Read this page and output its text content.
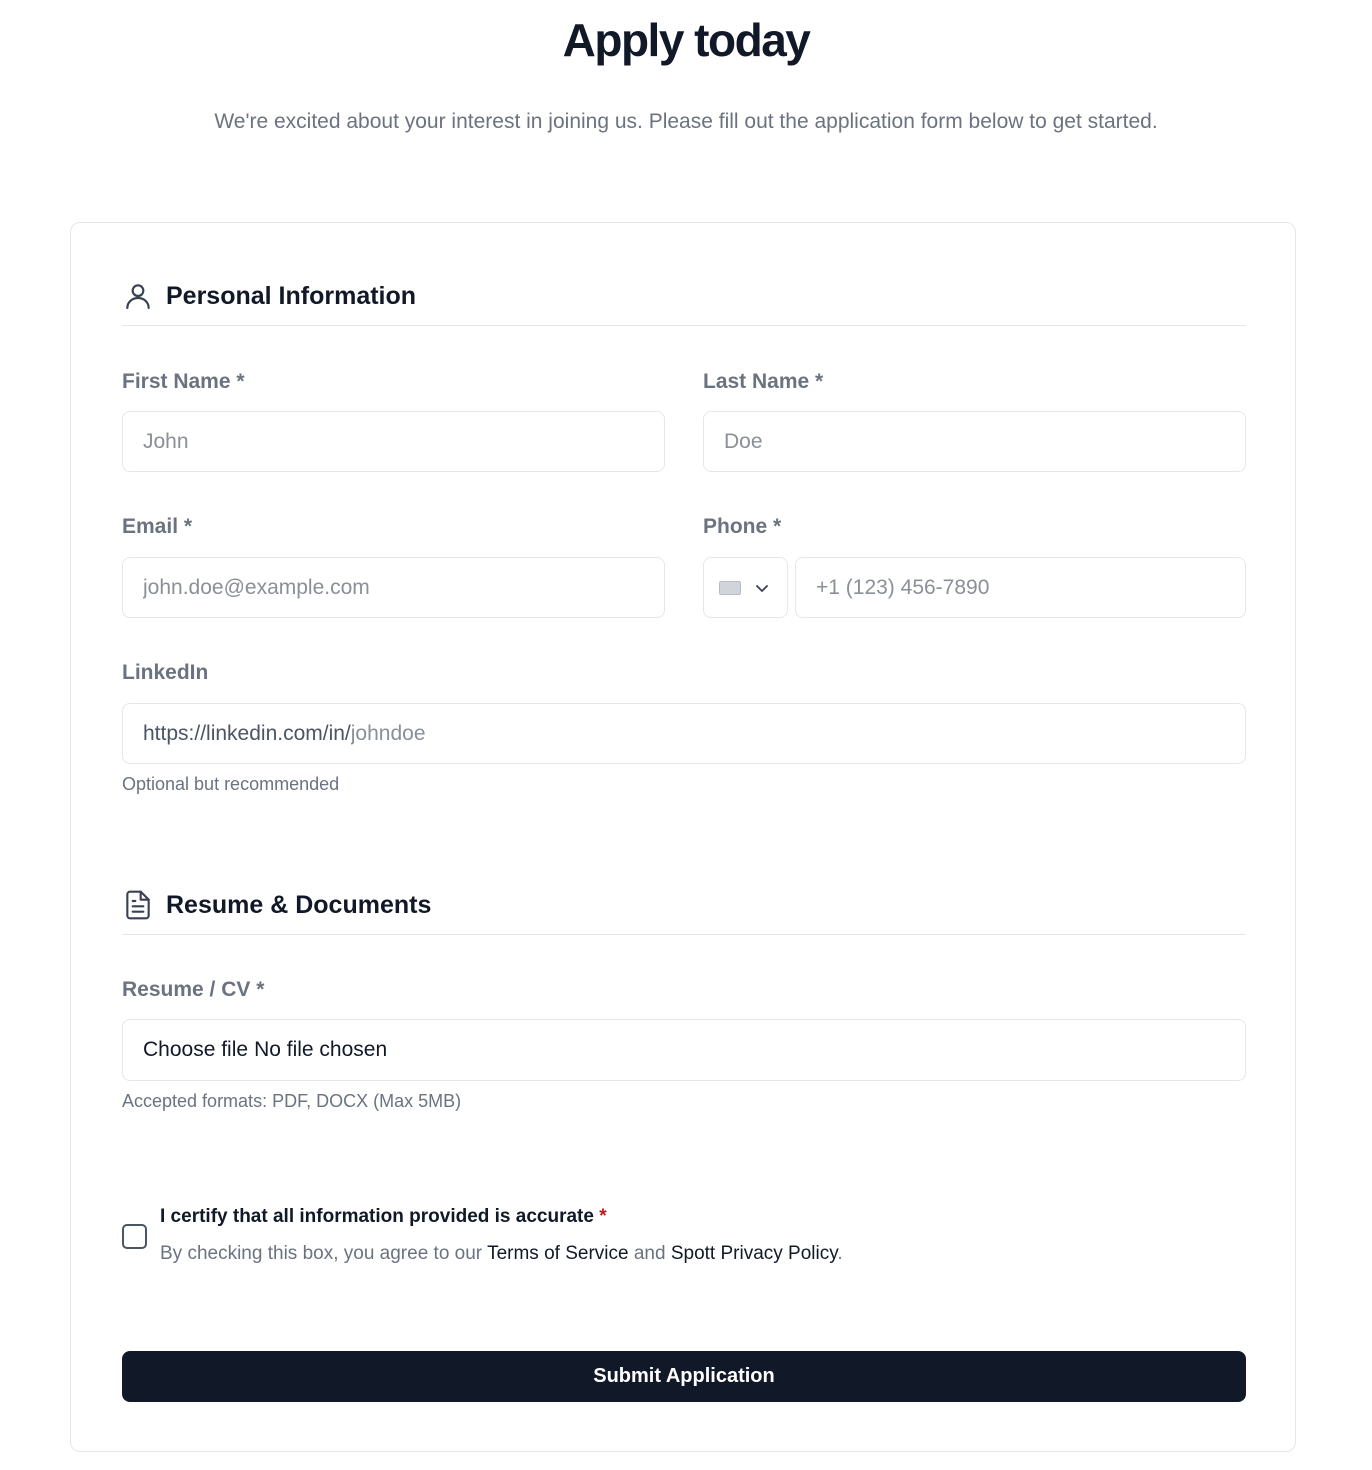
Apply today

We're excited about your interest in joining us. Please fill out the application form below to get started.

Personal Information
First Name *
John	Last Name *
Doe
Email *
john.doe@example.com	Phone *
+1 (123) 456-7890
LinkedIn
https://linkedin.com/in/
johndoe
Optional but recommended
Resume & Documents
Resume / CV *
Choose file No file chosen
Accepted formats: PDF, DOCX (Max 5MB)
I certify that all information provided is accurate *
By checking this box, you agree to our Terms of Service and Spott Privacy Policy.
Submit Application
